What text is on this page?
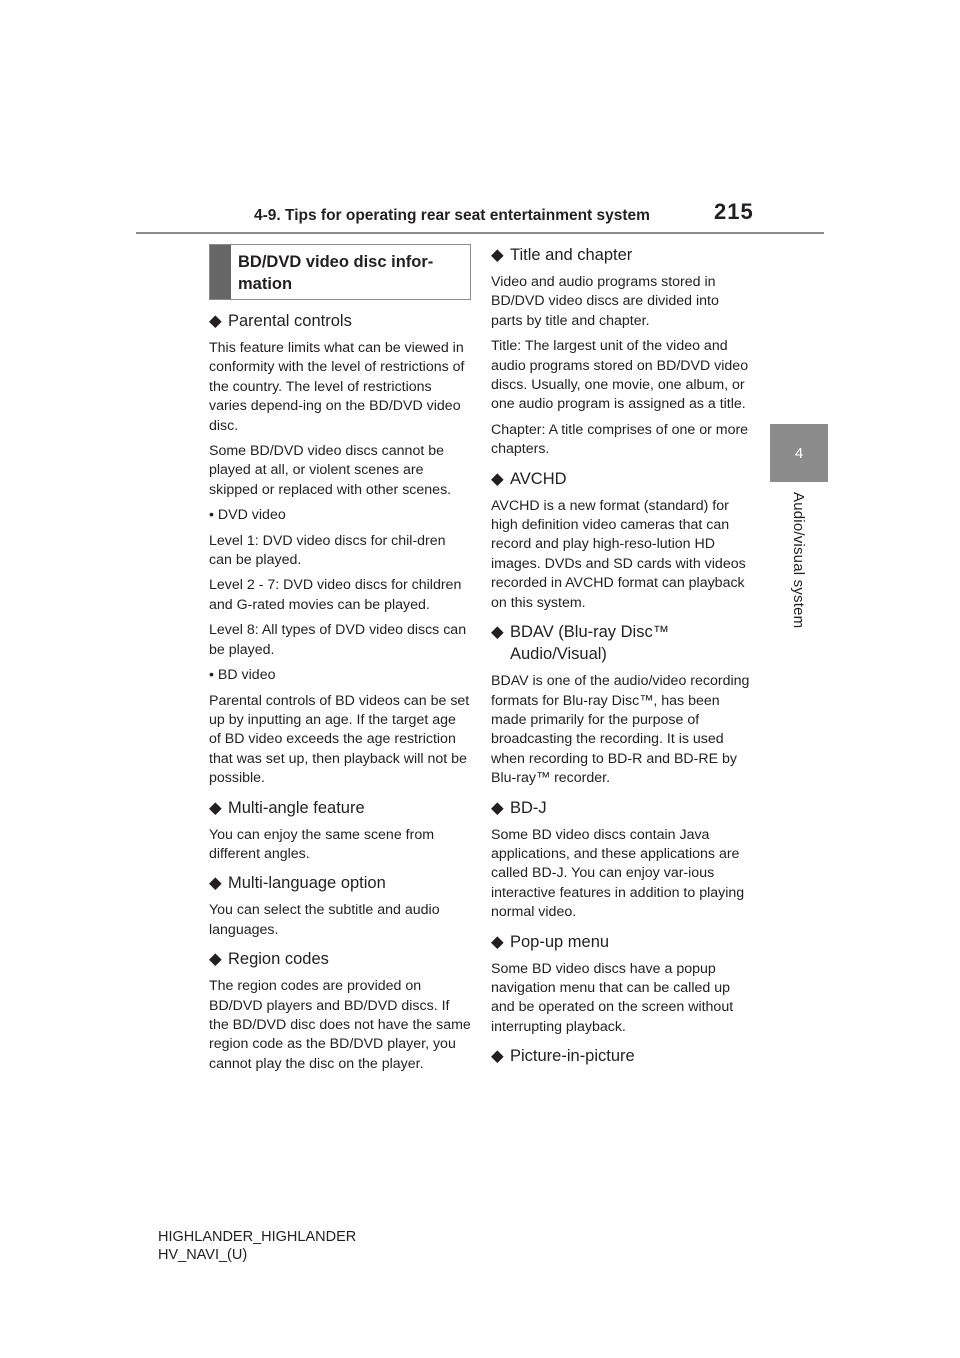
4-9. Tips for operating rear seat entertainment system	215
4
Audio/visual system
BD/DVD video disc infor-
mation
◆ Parental controls

This feature limits what can be viewed in conformity with the level of restrictions of the country. The level of restrictions varies depend-ing on the BD/DVD video disc.

Some BD/DVD video discs cannot be played at all, or violent scenes are skipped or replaced with other scenes.

• DVD video

Level 1: DVD video discs for chil-dren can be played.

Level 2 - 7: DVD video discs for children and G-rated movies can be played.

Level 8: All types of DVD video discs can be played.

• BD video

Parental controls of BD videos can be set up by inputting an age. If the target age of BD video exceeds the age restriction that was set up, then playback will not be possible.

◆ Multi-angle feature

You can enjoy the same scene from different angles.

◆ Multi-language option

You can select the subtitle and audio languages.

◆ Region codes

The region codes are provided on BD/DVD players and BD/DVD discs. If the BD/DVD disc does not have the same region code as the BD/DVD player, you cannot play the disc on the player.

◆ Title and chapter

Video and audio programs stored in BD/DVD video discs are divided into parts by title and chapter.

Title: The largest unit of the video and audio programs stored on BD/DVD video discs. Usually, one movie, one album, or one audio program is assigned as a title.

Chapter: A title comprises of one or more chapters.

◆ AVCHD

AVCHD is a new format (standard) for high definition video cameras that can record and play high-reso-lution HD images. DVDs and SD cards with videos recorded in AVCHD format can playback on this system.

◆ BDAV (Blu-ray Disc™ Audio/Visual)

BDAV is one of the audio/video recording formats for Blu-ray Disc™, has been made primarily for the purpose of broadcasting the recording. It is used when recording to BD-R and BD-RE by Blu-ray™ recorder.

◆ BD-J

Some BD video discs contain Java applications, and these applications are called BD-J. You can enjoy var-ious interactive features in addition to playing normal video.

◆ Pop-up menu

Some BD video discs have a popup navigation menu that can be called up and be operated on the screen without interrupting playback.

◆ Picture-in-picture
HIGHLANDER_HIGHLANDER
HV_NAVI_(U)
